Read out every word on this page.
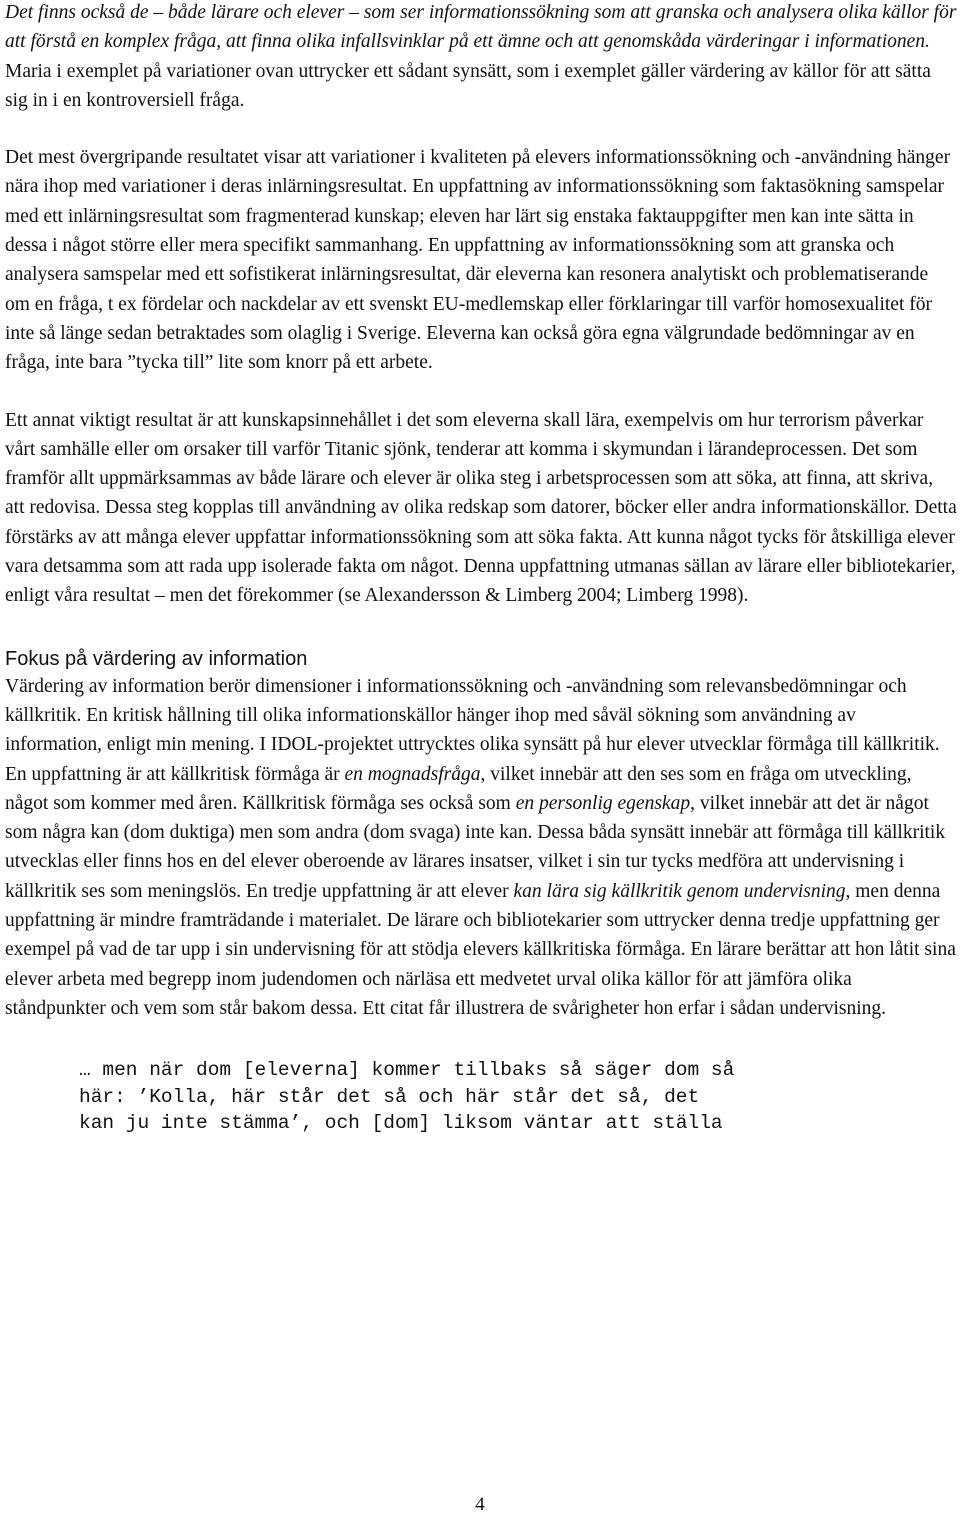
Det finns också de – både lärare och elever – som ser informationssökning som att granska och analysera olika källor för att förstå en komplex fråga, att finna olika infallsvinklar på ett ämne och att genomskåda värderingar i informationen. Maria i exemplet på variationer ovan uttrycker ett sådant synsätt, som i exemplet gäller värdering av källor för att sätta sig in i en kontroversiell fråga.

Det mest övergripande resultatet visar att variationer i kvaliteten på elevers informationssökning och -användning hänger nära ihop med variationer i deras inlärningsresultat. En uppfattning av informationssökning som faktasökning samspelar med ett inlärningsresultat som fragmenterad kunskap; eleven har lärt sig enstaka faktauppgifter men kan inte sätta in dessa i något större eller mera specifikt sammanhang. En uppfattning av informationssökning som att granska och analysera samspelar med ett sofistikerat inlärningsresultat, där eleverna kan resonera analytiskt och problematiserande om en fråga, t ex fördelar och nackdelar av ett svenskt EU-medlemskap eller förklaringar till varför homosexualitet för inte så länge sedan betraktades som olaglig i Sverige. Eleverna kan också göra egna välgrundade bedömningar av en fråga, inte bara ”tycka till” lite som knorr på ett arbete.

Ett annat viktigt resultat är att kunskapsinnehållet i det som eleverna skall lära, exempelvis om hur terrorism påverkar vårt samhälle eller om orsaker till varför Titanic sjönk, tenderar att komma i skymundan i lärandeprocessen. Det som framför allt uppmärksammas av både lärare och elever är olika steg i arbetsprocessen som att söka, att finna, att skriva, att redovisa. Dessa steg kopplas till användning av olika redskap som datorer, böcker eller andra informationskällor. Detta förstärks av att många elever uppfattar informationssökning som att söka fakta. Att kunna något tycks för åtskilliga elever vara detsamma som att rada upp isolerade fakta om något. Denna uppfattning utmanas sällan av lärare eller bibliotekarier, enligt våra resultat – men det förekommer (se Alexandersson & Limberg 2004; Limberg 1998).

Fokus på värdering av information

Värdering av information berör dimensioner i informationssökning och -användning som relevansbedömningar och källkritik. En kritisk hållning till olika informationskällor hänger ihop med såväl sökning som användning av information, enligt min mening. I IDOL-projektet uttrycktes olika synsätt på hur elever utvecklar förmåga till källkritik. En uppfattning är att källkritisk förmåga är en mognadsfråga, vilket innebär att den ses som en fråga om utveckling, något som kommer med åren. Källkritisk förmåga ses också som en personlig egenskap, vilket innebär att det är något som några kan (dom duktiga) men som andra (dom svaga) inte kan. Dessa båda synsätt innebär att förmåga till källkritik utvecklas eller finns hos en del elever oberoende av lärares insatser, vilket i sin tur tycks medföra att undervisning i källkritik ses som meningslös. En tredje uppfattning är att elever kan lära sig källkritik genom undervisning, men denna uppfattning är mindre framträdande i materialet. De lärare och bibliotekarier som uttrycker denna tredje uppfattning ger exempel på vad de tar upp i sin undervisning för att stödja elevers källkritiska förmåga. En lärare berättar att hon låtit sina elever arbeta med begrepp inom judendomen och närläsa ett medvetet urval olika källor för att jämföra olika ståndpunkter och vem som står bakom dessa. Ett citat får illustrera de svårigheter hon erfar i sådan undervisning.

… men när dom [eleverna] kommer tillbaks så säger dom så
här: ’Kolla, här står det så och här står det så, det
kan ju inte stämma’, och [dom] liksom väntar att ställa
4
